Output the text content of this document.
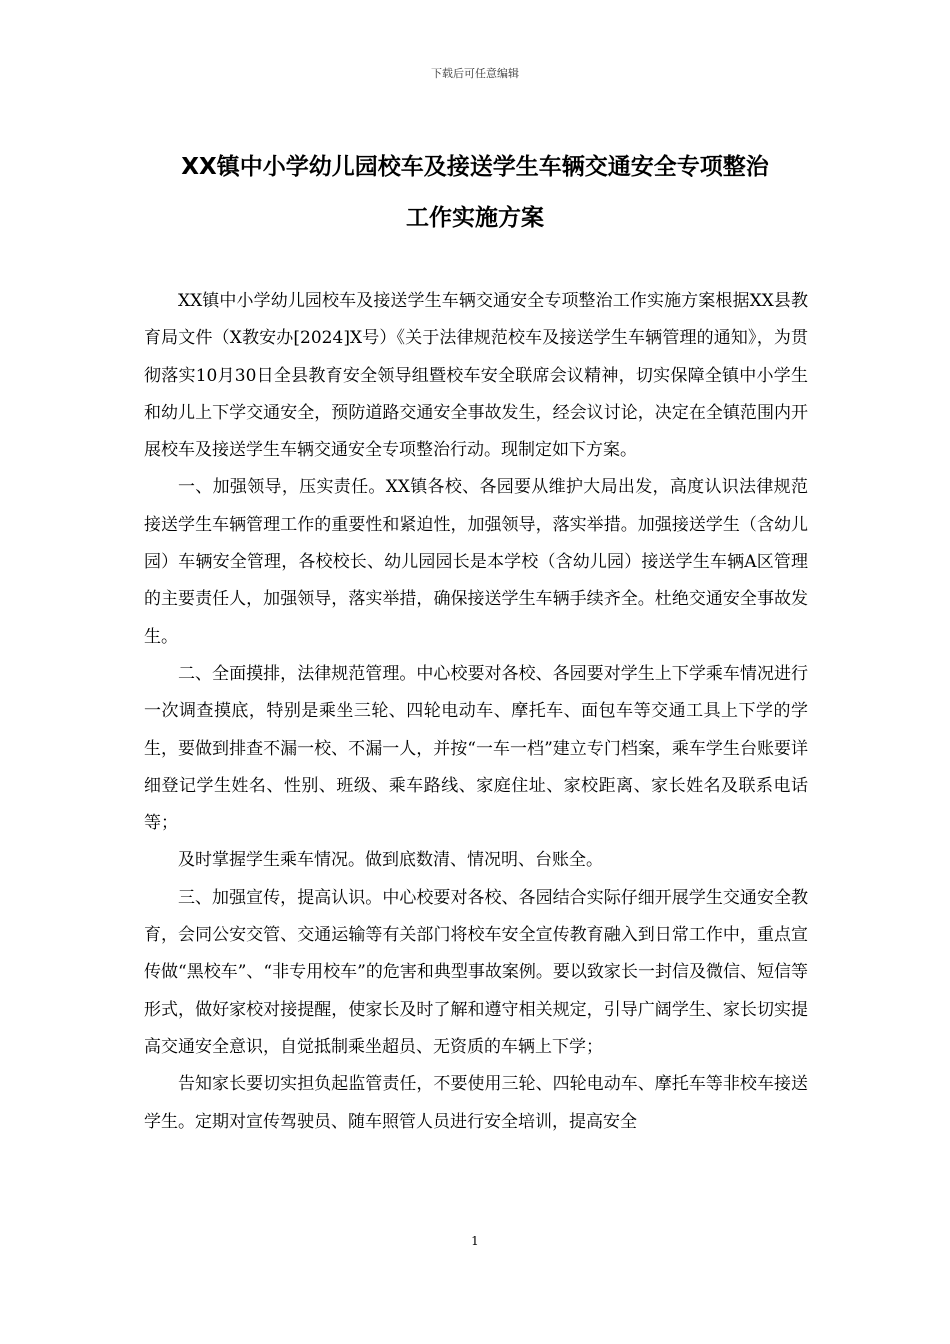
下载后可任意编辑
XX镇中小学幼儿园校车及接送学生车辆交通安全专项整治
工作实施方案

XX镇中小学幼儿园校车及接送学生车辆交通安全专项整治工作实施方案根据XX县教育局文件（X教安办[2024]X号）《关于法律规范校车及接送学生车辆管理的通知》，为贯彻落实10月30日全县教育安全领导组暨校车安全联席会议精神，切实保障全镇中小学生和幼儿上下学交通安全，预防道路交通安全事故发生，经会议讨论，决定在全镇范围内开展校车及接送学生车辆交通安全专项整治行动。现制定如下方案。

一、加强领导，压实责任。XX镇各校、各园要从维护大局出发，高度认识法律规范接送学生车辆管理工作的重要性和紧迫性，加强领导，落实举措。加强接送学生（含幼儿园）车辆安全管理，各校校长、幼儿园园长是本学校（含幼儿园）接送学生车辆A区管理的主要责任人，加强领导，落实举措，确保接送学生车辆手续齐全。杜绝交通安全事故发生。

二、全面摸排，法律规范管理。中心校要对各校、各园要对学生上下学乘车情况进行一次调查摸底，特别是乘坐三轮、四轮电动车、摩托车、面包车等交通工具上下学的学生，要做到排查不漏一校、不漏一人，并按“一车一档”建立专门档案，乘车学生台账要详细登记学生姓名、性别、班级、乘车路线、家庭住址、家校距离、家长姓名及联系电话等；

及时掌握学生乘车情况。做到底数清、情况明、台账全。

三、加强宣传，提高认识。中心校要对各校、各园结合实际仔细开展学生交通安全教育，会同公安交管、交通运输等有关部门将校车安全宣传教育融入到日常工作中，重点宣传做“黑校车”、“非专用校车”的危害和典型事故案例。要以致家长一封信及微信、短信等形式，做好家校对接提醒，使家长及时了解和遵守相关规定，引导广阔学生、家长切实提高交通安全意识，自觉抵制乘坐超员、无资质的车辆上下学；

告知家长要切实担负起监管责任，不要使用三轮、四轮电动车、摩托车等非校车接送学生。定期对宣传驾驶员、随车照管人员进行安全培训，提高安全

1
